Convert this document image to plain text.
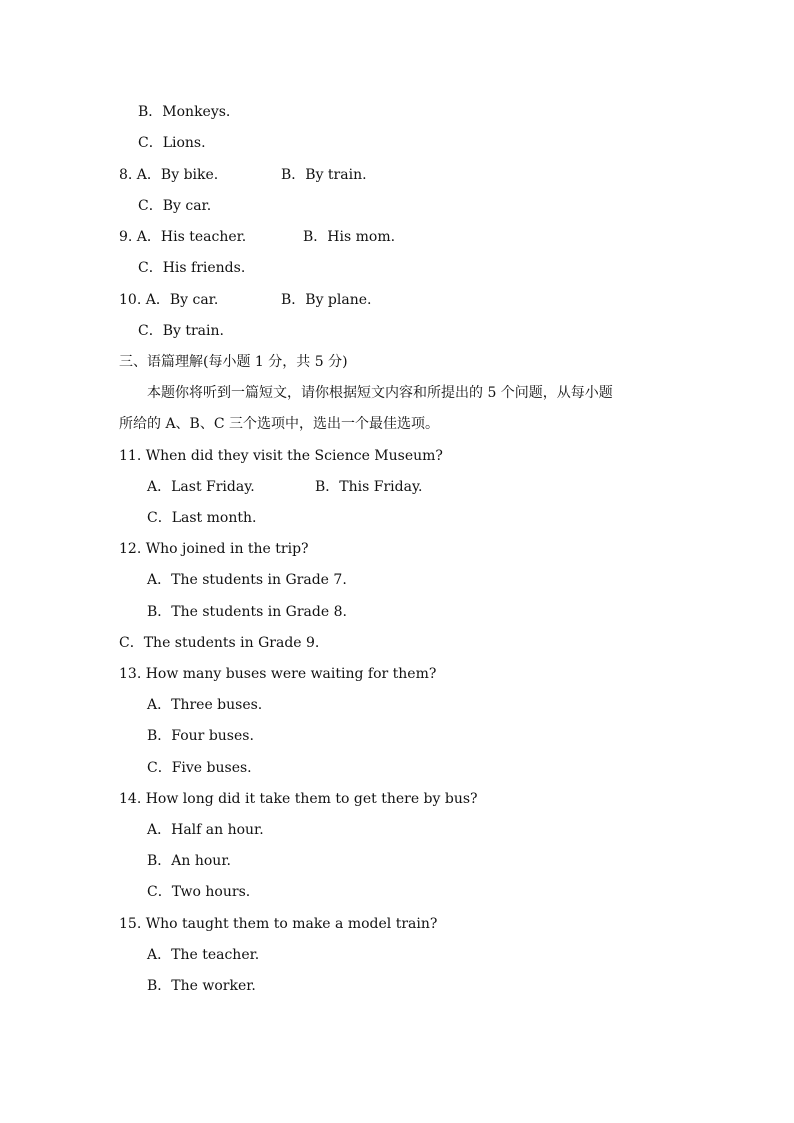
B．Monkeys.
C．Lions.
8. A．By bike.	B．By train.
C．By car.
9. A．His teacher.	B．His mom.
C．His friends.
10. A．By car.	B．By plane.
C．By train.
三、语篇理解(每小题 1 分，共 5 分)
本题你将听到一篇短文，请你根据短文内容和所提出的 5 个问题，从每小题
所给的 A、B、C 三个选项中，选出一个最佳选项。
11. When did they visit the Science Museum?
A．Last Friday.	B．This Friday.
C．Last month.
12. Who joined in the trip?
A．The students in Grade 7.
B．The students in Grade 8.
C．The students in Grade 9.
13. How many buses were waiting for them?
A．Three buses.
B．Four buses.
C．Five buses.
14. How long did it take them to get there by bus?
A．Half an hour.
B．An hour.
C．Two hours.
15. Who taught them to make a model train?
A．The teacher.
B．The worker.
